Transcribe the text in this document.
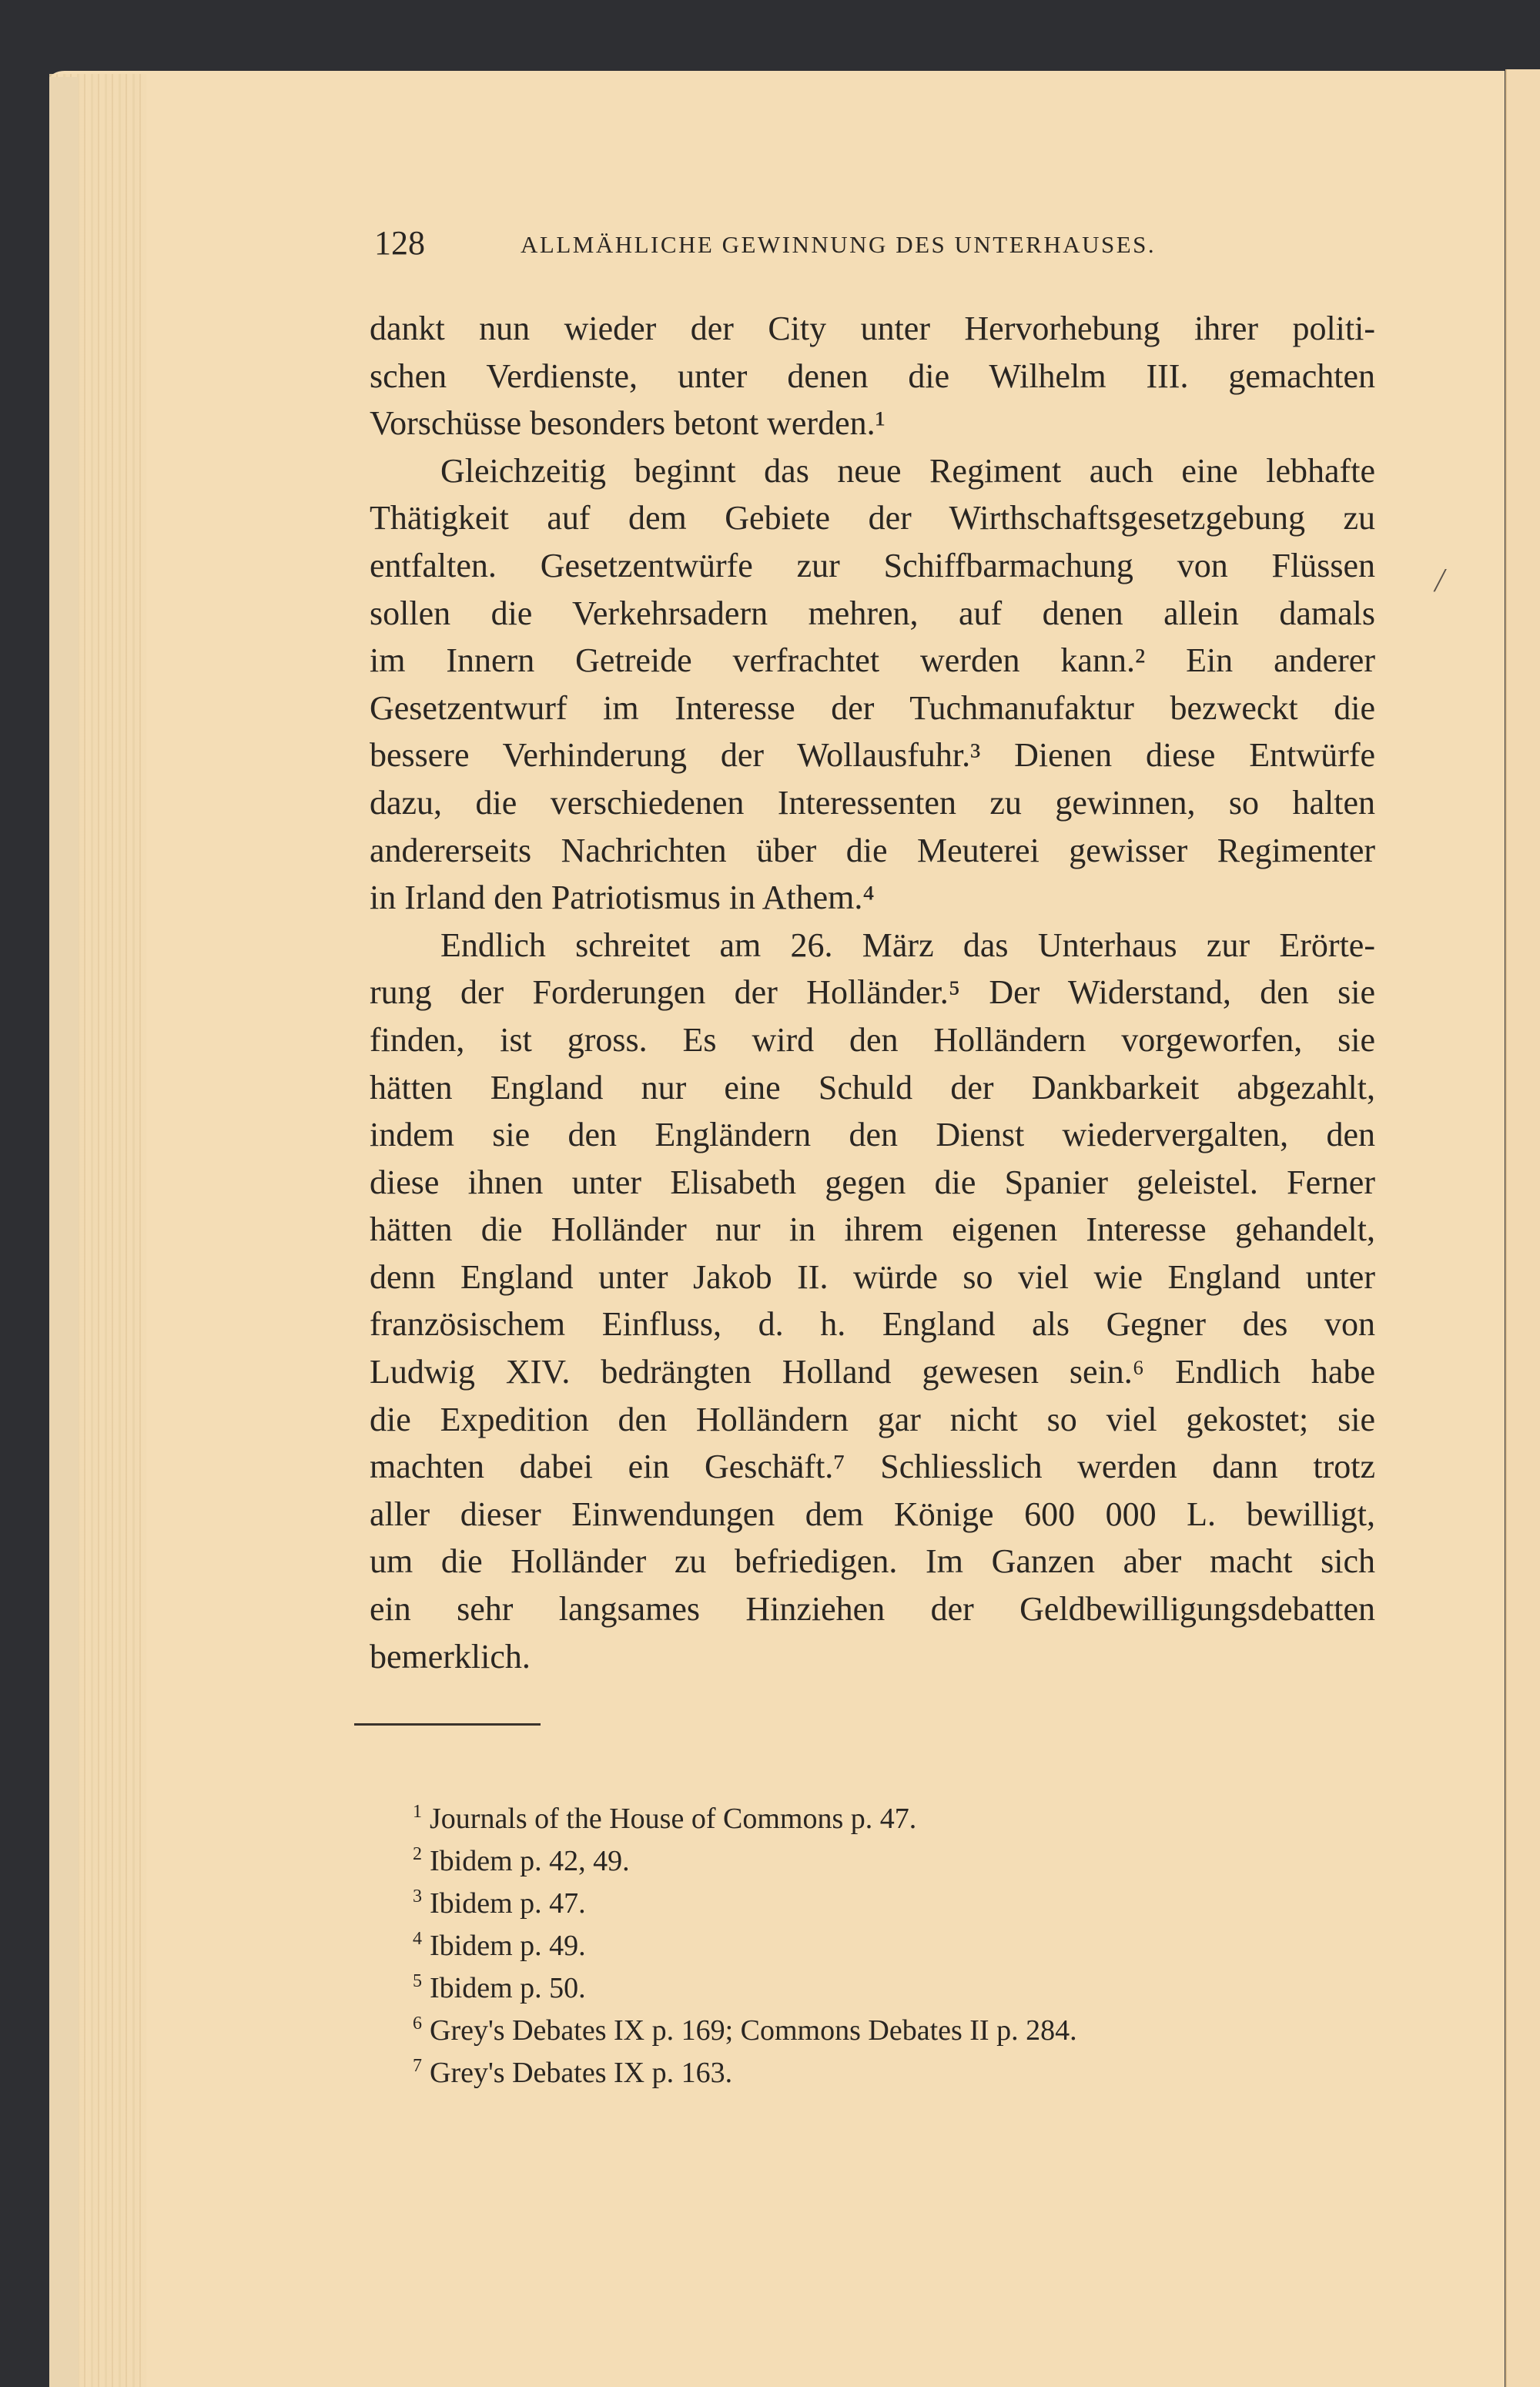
128	ALLMÄHLICHE GEWINNUNG DES UNTERHAUSES.
dankt nun wieder der City unter Hervorhebung ihrer politi-
schen Verdienste, unter denen die Wilhelm III. gemachten
Vorschüsse besonders betont werden.¹
Gleichzeitig beginnt das neue Regiment auch eine lebhafte
Thätigkeit auf dem Gebiete der Wirthschaftsgesetzgebung zu
entfalten. Gesetzentwürfe zur Schiffbarmachung von Flüssen
sollen die Verkehrsadern mehren, auf denen allein damals
im Innern Getreide verfrachtet werden kann.² Ein anderer
Gesetzentwurf im Interesse der Tuchmanufaktur bezweckt die
bessere Verhinderung der Wollausfuhr.³ Dienen diese Entwürfe
dazu, die verschiedenen Interessenten zu gewinnen, so halten
andererseits Nachrichten über die Meuterei gewisser Regimenter
in Irland den Patriotismus in Athem.⁴
Endlich schreitet am 26. März das Unterhaus zur Erörte-
rung der Forderungen der Holländer.⁵ Der Widerstand, den sie
finden, ist gross. Es wird den Holländern vorgeworfen, sie
hätten England nur eine Schuld der Dankbarkeit abgezahlt,
indem sie den Engländern den Dienst wiedervergalten, den
diese ihnen unter Elisabeth gegen die Spanier geleistel. Ferner
hätten die Holländer nur in ihrem eigenen Interesse gehandelt,
denn England unter Jakob II. würde so viel wie England unter
französischem Einfluss, d. h. England als Gegner des von
Ludwig XIV. bedrängten Holland gewesen sein.⁶ Endlich habe
die Expedition den Holländern gar nicht so viel gekostet; sie
machten dabei ein Geschäft.⁷ Schliesslich werden dann trotz
aller dieser Einwendungen dem Könige 600 000 L. bewilligt,
um die Holländer zu befriedigen. Im Ganzen aber macht sich
ein sehr langsames Hinziehen der Geldbewilligungsdebatten
bemerklich.
/
$^1$ Journals of the House of Commons p. 47.
$^2$ Ibidem p. 42, 49.
$^3$ Ibidem p. 47.
$^4$ Ibidem p. 49.
$^5$ Ibidem p. 50.
$^6$ Grey's Debates IX p. 169; Commons Debates II p. 284.
$^7$ Grey's Debates IX p. 163.
